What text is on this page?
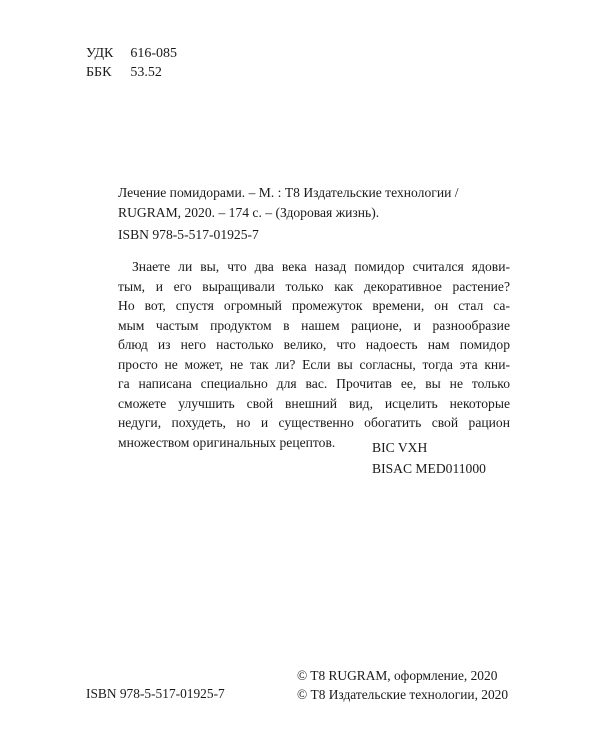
УДК 616-085
ББК 53.52
Лечение помидорами. – М. : Т8 Издательские технологии /
RUGRAM, 2020. – 174 с. – (Здоровая жизнь).
ISBN 978-5-517-01925-7
Знаете ли вы, что два века назад помидор считался ядови-
тым, и его выращивали только как декоративное растение?
Но вот, спустя огромный промежуток времени, он стал са-
мым частым продуктом в нашем рационе, и разнообразие
блюд из него настолько велико, что надоесть нам помидор
просто не может, не так ли? Если вы согласны, тогда эта кни-
га написана специально для вас. Прочитав ее, вы не только
сможете улучшить свой внешний вид, исцелить некоторые
недуги, похудеть, но и существенно обогатить свой рацион
множеством оригинальных рецептов.	BIC VXH
BISAC MED011000
© T8 RUGRAM, оформление, 2020
© Т8 Издательские технологии, 2020
ISBN 978-5-517-01925-7
